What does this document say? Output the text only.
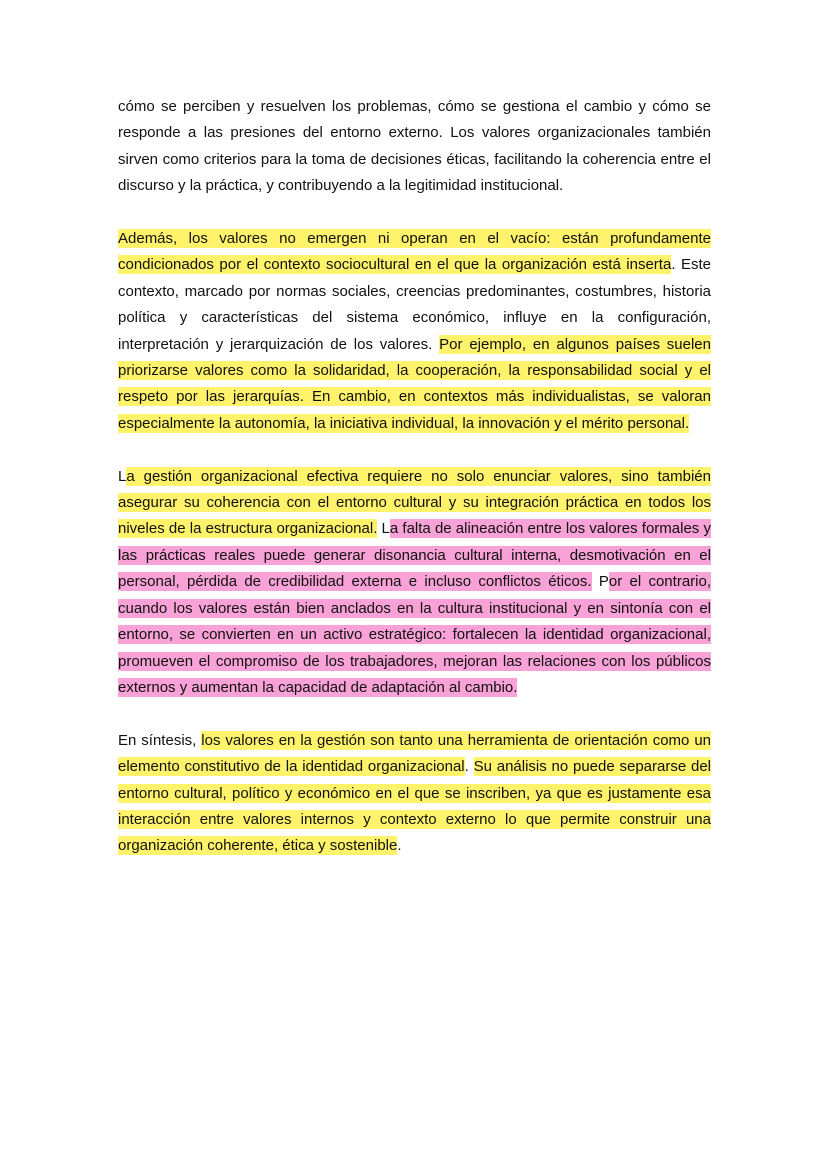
cómo se perciben y resuelven los problemas, cómo se gestiona el cambio y cómo se responde a las presiones del entorno externo. Los valores organizacionales también sirven como criterios para la toma de decisiones éticas, facilitando la coherencia entre el discurso y la práctica, y contribuyendo a la legitimidad institucional.

Además, los valores no emergen ni operan en el vacío: están profundamente condicionados por el contexto sociocultural en el que la organización está inserta. Este contexto, marcado por normas sociales, creencias predominantes, costumbres, historia política y características del sistema económico, influye en la configuración, interpretación y jerarquización de los valores. Por ejemplo, en algunos países suelen priorizarse valores como la solidaridad, la cooperación, la responsabilidad social y el respeto por las jerarquías. En cambio, en contextos más individualistas, se valoran especialmente la autonomía, la iniciativa individual, la innovación y el mérito personal.

La gestión organizacional efectiva requiere no solo enunciar valores, sino también asegurar su coherencia con el entorno cultural y su integración práctica en todos los niveles de la estructura organizacional. La falta de alineación entre los valores formales y las prácticas reales puede generar disonancia cultural interna, desmotivación en el personal, pérdida de credibilidad externa e incluso conflictos éticos. Por el contrario, cuando los valores están bien anclados en la cultura institucional y en sintonía con el entorno, se convierten en un activo estratégico: fortalecen la identidad organizacional, promueven el compromiso de los trabajadores, mejoran las relaciones con los públicos externos y aumentan la capacidad de adaptación al cambio.

En síntesis, los valores en la gestión son tanto una herramienta de orientación como un elemento constitutivo de la identidad organizacional. Su análisis no puede separarse del entorno cultural, político y económico en el que se inscriben, ya que es justamente esa interacción entre valores internos y contexto externo lo que permite construir una organización coherente, ética y sostenible.
